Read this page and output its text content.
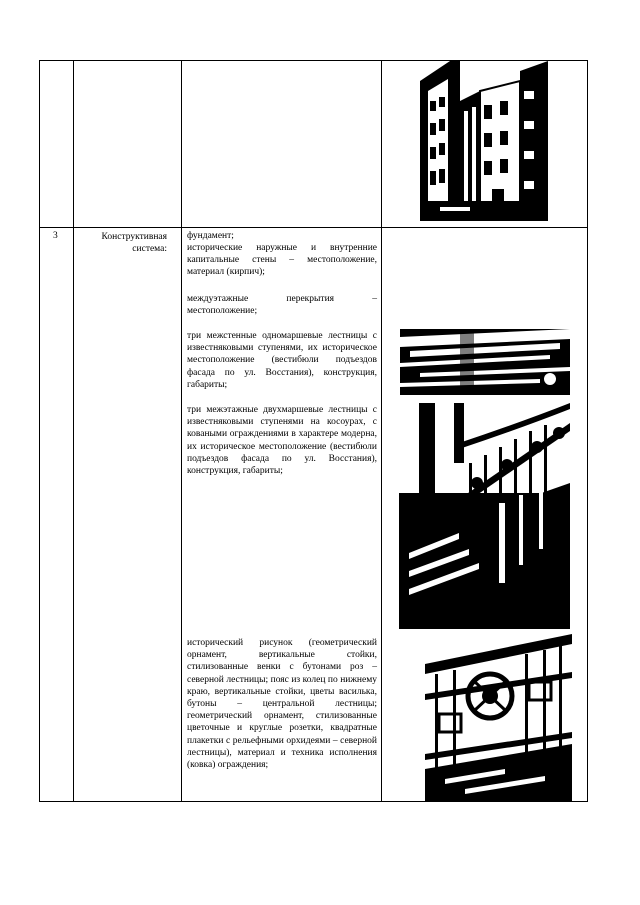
3	Конструктивная система:
фундамент;
исторические наружные и внутренние капитальные стены – местоположение, материал (кирпич);
междуэтажные перекрытия – местоположение;
три межстенные одномаршевые лестницы с известняковыми ступенями, их историческое местоположение (вестибюли подъездов фасада по ул. Восстания), конструкция, габариты;
три межэтажные двухмаршевые лестницы с известняковыми ступенями на косоурах, с коваными ограждениями в характере модерна, их историческое местоположение (вестибюли подъездов фасада по ул. Восстания), конструкция, габариты;
исторический рисунок (геометрический орнамент, вертикальные стойки, стилизованные венки с бутонами роз – северной лестницы; пояс из колец по нижнему краю, вертикальные стойки, цветы василька, бутоны – центральной лестницы; геометрический орнамент, стилизованные цветочные и круглые розетки, квадратные плакетки с рельефными орхидеями – северной лестницы), материал и техника исполнения (ковка) ограждения;
